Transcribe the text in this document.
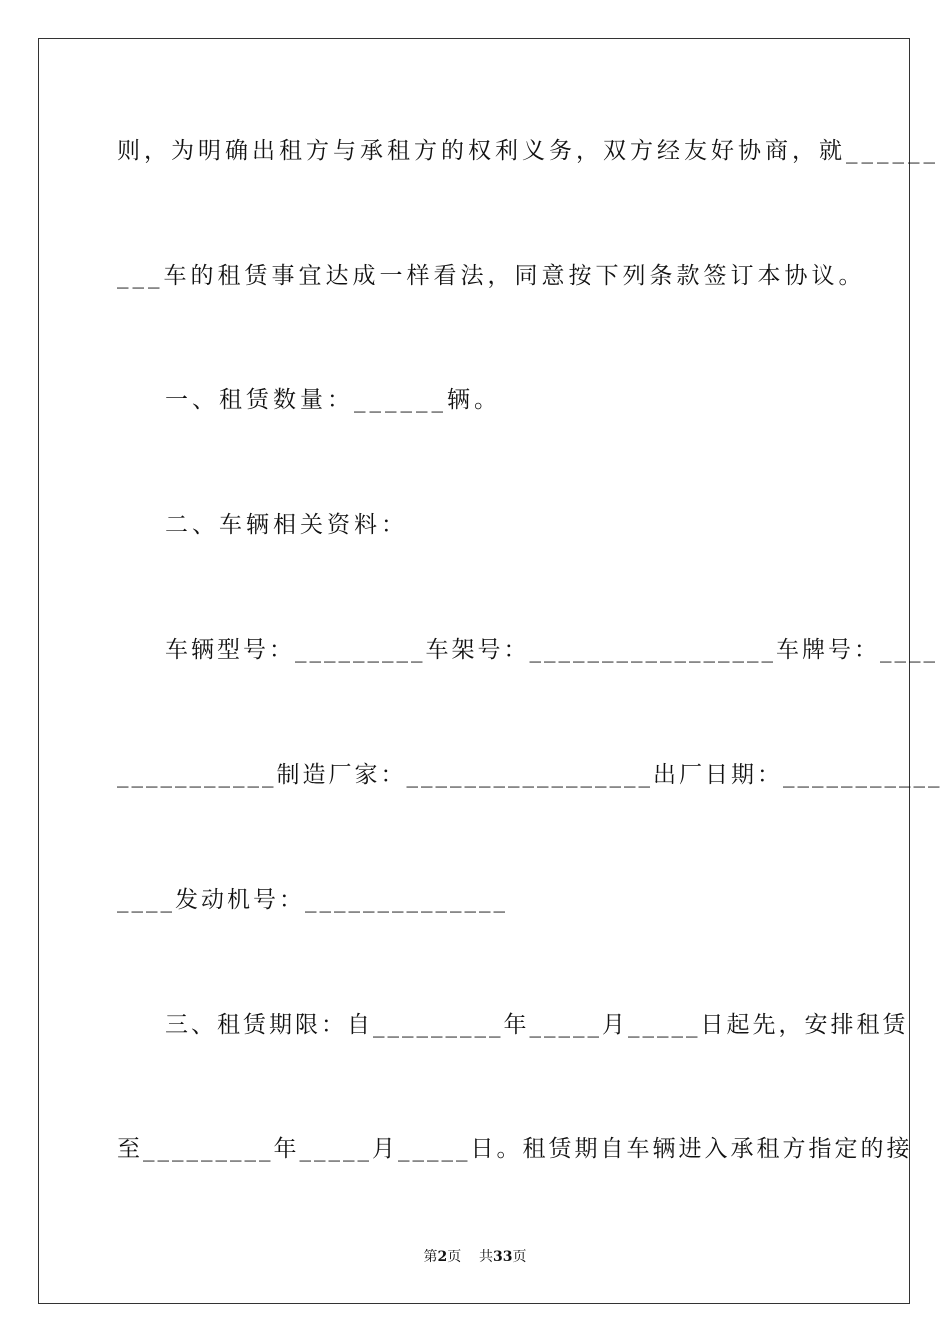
则，为明确出租方与承租方的权利义务，双方经友好协商，就______
___车的租赁事宜达成一样看法，同意按下列条款签订本协议。
一、租赁数量：______辆。
二、车辆相关资料：
车辆型号：_________车架号：_________________车牌号：____
___________制造厂家：_________________出厂日期：___________
____发动机号：______________
三、租赁期限：自_________年_____月_____日起先，安排租赁
至_________年_____月_____日。租赁期自车辆进入承租方指定的接
第2页 共33页
